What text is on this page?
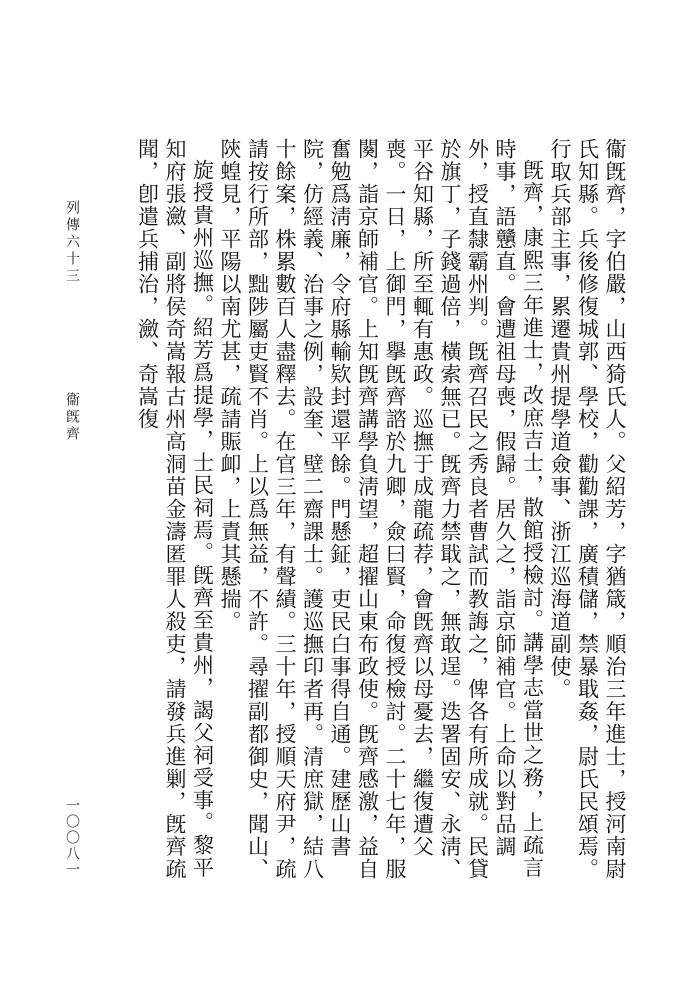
衞旣齊，字伯嚴，山西猗氏人。父紹芳，字猶箴，順治三年進士，授河南尉氏知縣。兵後修復城郭、學校，勸勸課，廣積儲，禁暴戢姦，尉氏民頌焉。行取兵部主事，累遷貴州提學道僉事、浙江巡海道副使。

旣齊，康熙三年進士，改庶吉士，散館授檢討。講學志當世之務，上疏言時事，語戇直。會遭祖母喪，假歸。居久之，詣京師補官。上命以對品調外，授直隸霸州判。旣齊召民之秀良者曹試而教誨之，俾各有所成就。民貸於旗丁，子錢過倍，橫索無已。旣齊力禁戢之，無敢逞。迭署固安、永淸、平谷知縣，所至輒有惠政。巡撫于成龍疏荐，會旣齊以母憂去，繼復遭父喪。一日，上御門，擧旣齊諮於九卿，僉曰賢，命復授檢討。二十七年，服闋，詣京師補官。上知旣齊講學負淸望，超擢山東布政使。旣齊感激，益自奮勉爲淸廉，令府縣輸欵封還平餘。門懸鉦，吏民白事得自通。建歷山書院，仿經義、治事之例，設奎、壁二齋課士。護巡撫印者再。清庶獄，結八十餘案，株累數百人盡釋去。在官三年，有聲績。三十年，授順天府尹，疏請按行所部，黜陟屬吏賢不肖。上以爲無益，不許。尋擢副都御史，聞山、陝蝗見，平陽以南尤甚，疏請賑卹，上責其懸揣。

旋授貴州巡撫。紹芳爲提學，士民祠焉。旣齊至貴州，謁父祠受事。黎平知府張瀲、副將侯奇嵩報古州高洞苗金濤匿罪人殺吏，請發兵進剿，旣齊疏聞，卽遣兵捕治，瀲、奇嵩復

列傳六十三
衞旣齊
一〇〇八一
